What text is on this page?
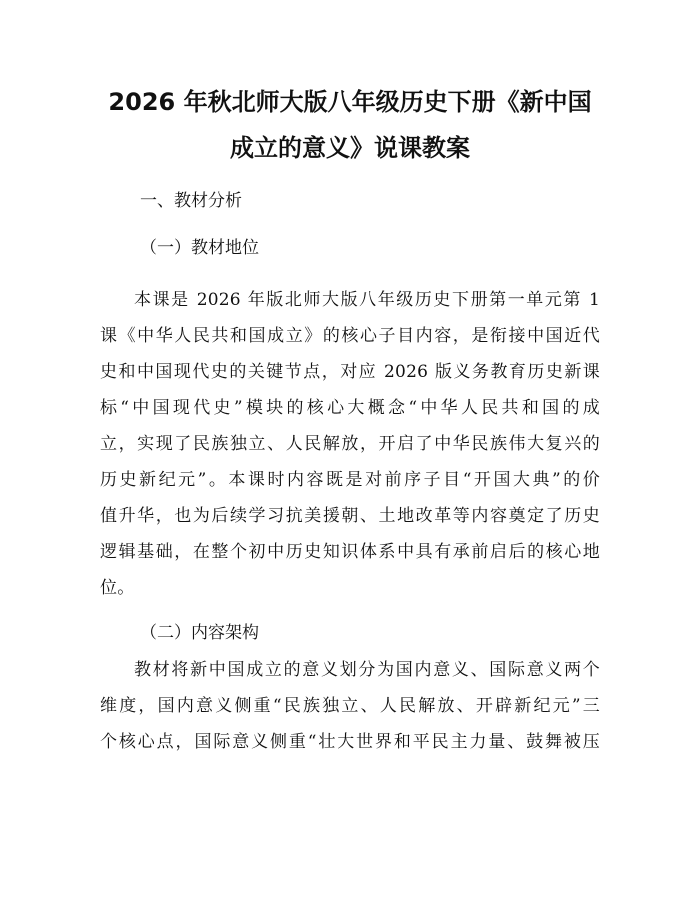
2026 年秋北师大版八年级历史下册《新中国
成立的意义》说课教案

一、教材分析

（一）教材地位

本课是 2026 年版北师大版八年级历史下册第一单元第 1
课《中华人民共和国成立》的核心子目内容，是衔接中国近代
史和中国现代史的关键节点，对应 2026 版义务教育历史新课
标“中国现代史”模块的核心大概念“中华人民共和国的成
立，实现了民族独立、人民解放，开启了中华民族伟大复兴的
历史新纪元”。本课时内容既是对前序子目“开国大典”的价
值升华，也为后续学习抗美援朝、土地改革等内容奠定了历史
逻辑基础，在整个初中历史知识体系中具有承前启后的核心地
位。

（二）内容架构

教材将新中国成立的意义划分为国内意义、国际意义两个
维度，国内意义侧重“民族独立、人民解放、开辟新纪元”三
个核心点，国际意义侧重“壮大世界和平民主力量、鼓舞被压
